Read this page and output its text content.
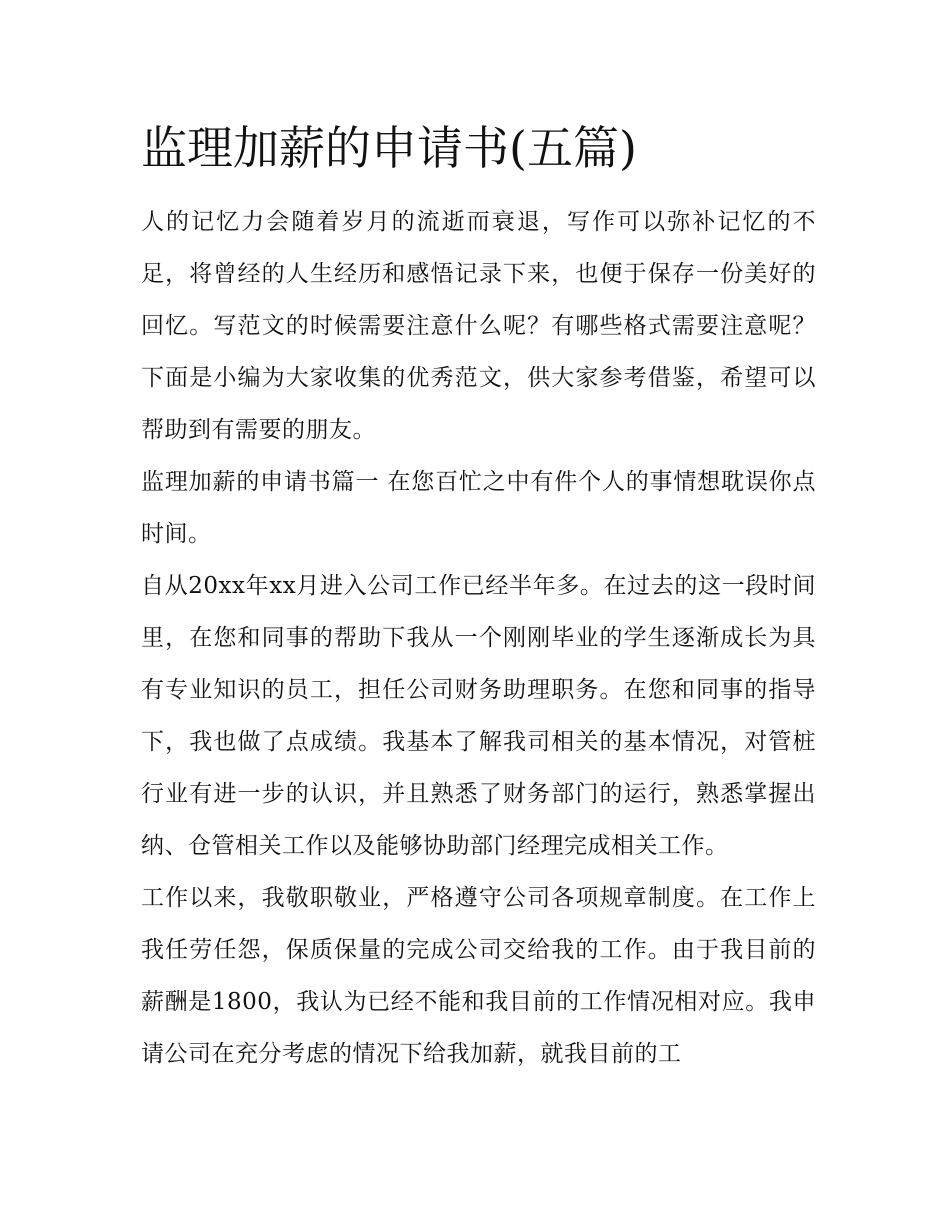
监理加薪的申请书(五篇)

人的记忆力会随着岁月的流逝而衰退，写作可以弥补记忆的不足，将曾经的人生经历和感悟记录下来，也便于保存一份美好的回忆。写范文的时候需要注意什么呢？有哪些格式需要注意呢？下面是小编为大家收集的优秀范文，供大家参考借鉴，希望可以帮助到有需要的朋友。

监理加薪的申请书篇一 在您百忙之中有件个人的事情想耽误你点时间。

自从20xx年xx月进入公司工作已经半年多。在过去的这一段时间里，在您和同事的帮助下我从一个刚刚毕业的学生逐渐成长为具有专业知识的员工，担任公司财务助理职务。在您和同事的指导下，我也做了点成绩。我基本了解我司相关的基本情况，对管桩行业有进一步的认识，并且熟悉了财务部门的运行，熟悉掌握出纳、仓管相关工作以及能够协助部门经理完成相关工作。

工作以来，我敬职敬业，严格遵守公司各项规章制度。在工作上我任劳任怨，保质保量的完成公司交给我的工作。由于我目前的薪酬是1800，我认为已经不能和我目前的工作情况相对应。我申请公司在充分考虑的情况下给我加薪，就我目前的工
